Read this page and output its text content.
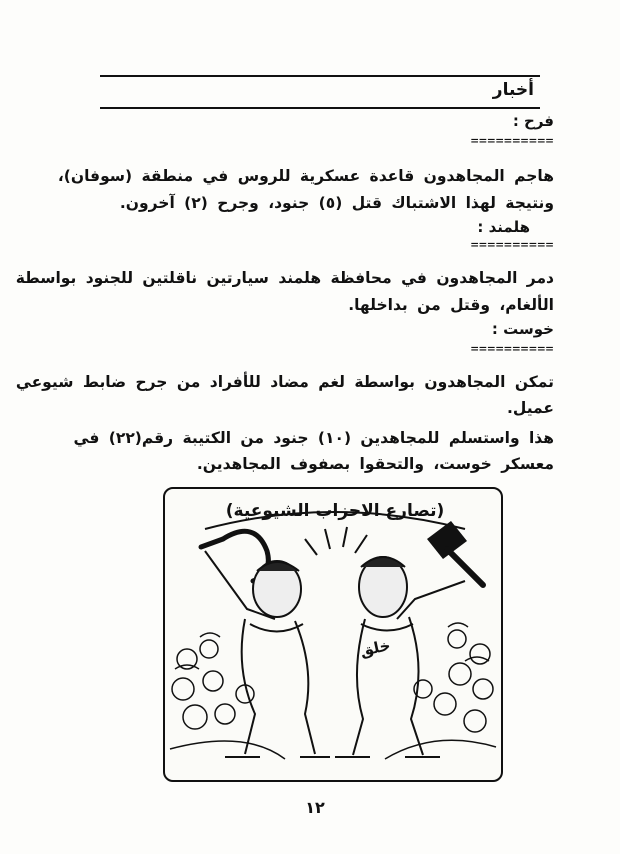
أخبار
فرح :
==========
هاجم المجاهدون قاعدة عسكرية للروس في منطقة (سوفان)،
ونتيجة لهذا الاشتباك قتل (٥) جنود، وجرح (٢) آخرون.
هلمند :
==========
دمر المجاهدون في محافظة هلمند سيارتين ناقلتين للجنود بواسطة
الألغام، وقتل من بداخلها.
خوست :
==========
تمكن المجاهدون بواسطة لغم مضاد للأفراد من جرح ضابط شيوعي
عميل.
هذا واستسلم للمجاهدين (١٠) جنود من الكتيبة رقم(٢٢) في
معسكر خوست، والتحقوا بصفوف المجاهدين.
(تصارع الاحزاب الشيوعية)
خلق
١٢
